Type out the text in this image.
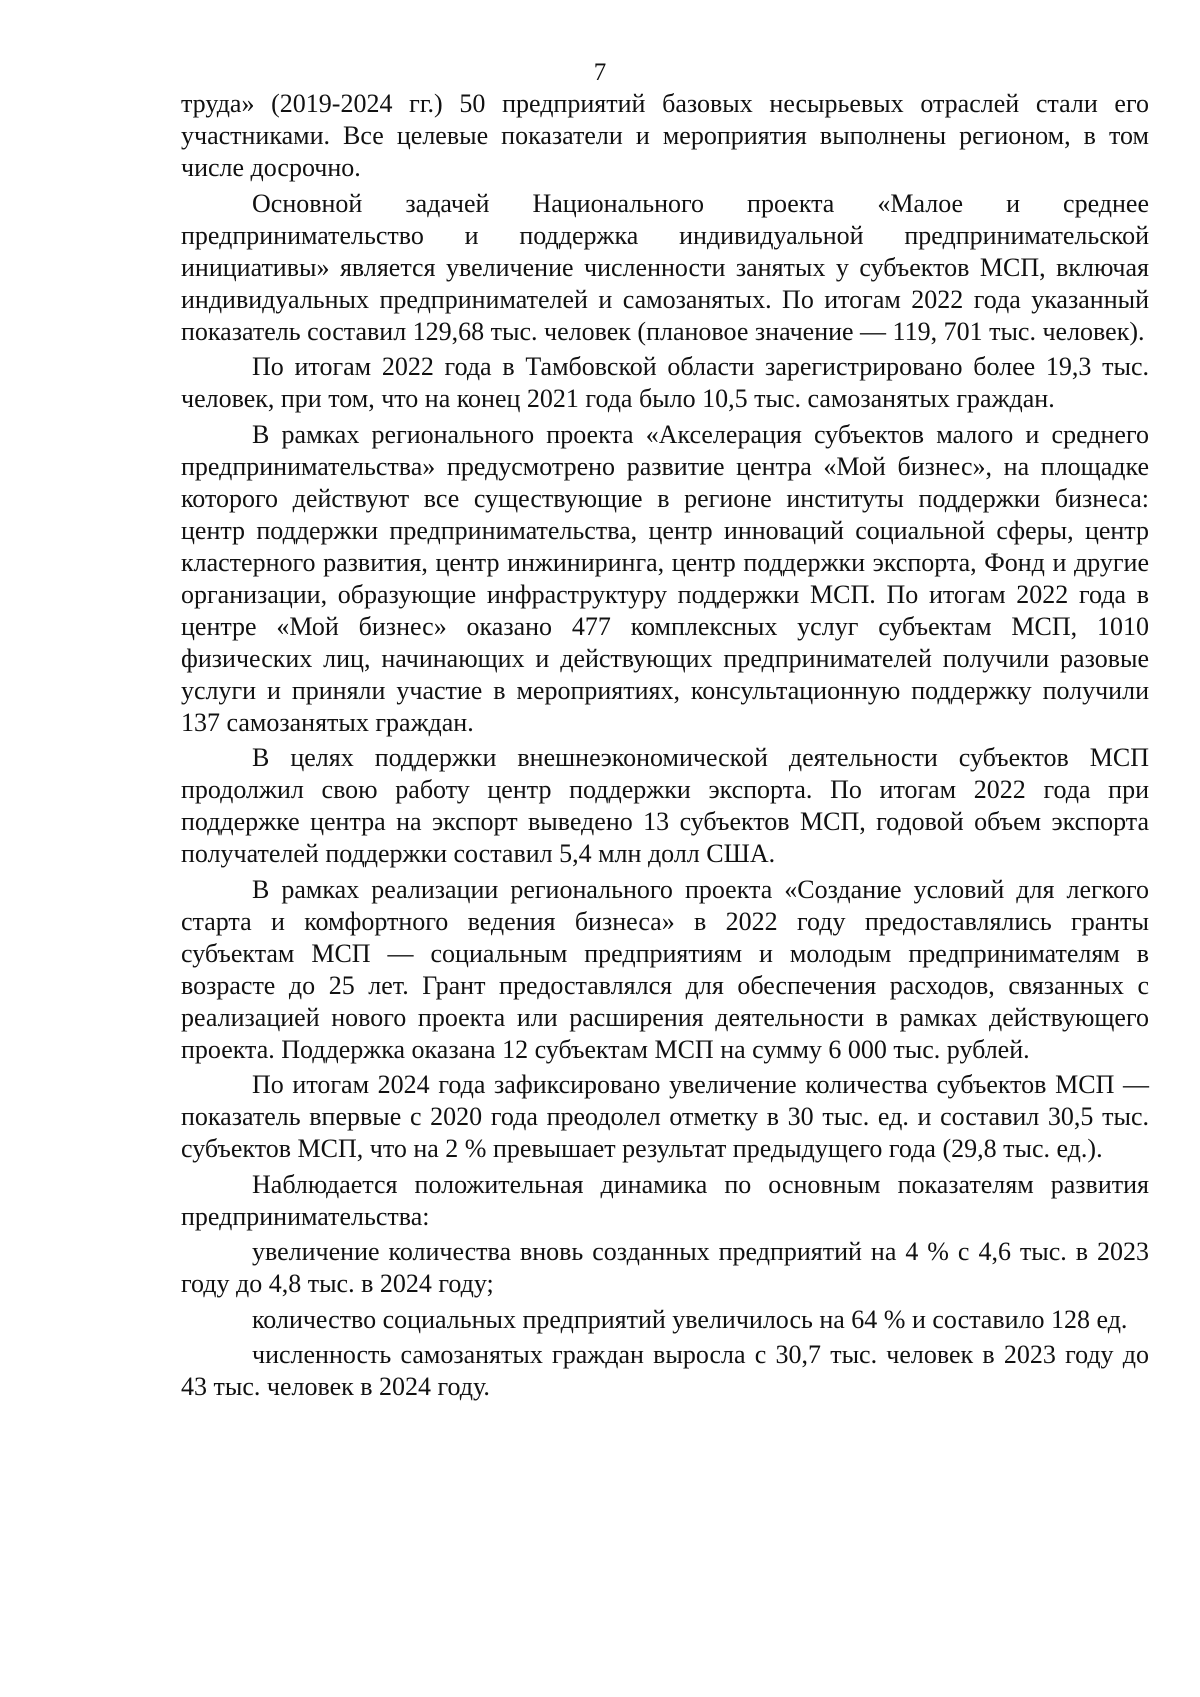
7

труда» (2019-2024 гг.) 50 предприятий базовых несырьевых отраслей стали его участниками. Все целевые показатели и мероприятия выполнены регионом, в том числе досрочно.

Основной задачей Национального проекта «Малое и среднее предпринимательство и поддержка индивидуальной предпринимательской инициативы» является увеличение численности занятых у субъектов МСП, включая индивидуальных предпринимателей и самозанятых. По итогам 2022 года указанный показатель составил 129,68 тыс. человек (плановое значение — 119, 701 тыс. человек).

По итогам 2022 года в Тамбовской области зарегистрировано более 19,3 тыс. человек, при том, что на конец 2021 года было 10,5 тыс. самозанятых граждан.

В рамках регионального проекта «Акселерация субъектов малого и среднего предпринимательства» предусмотрено развитие центра «Мой бизнес», на площадке которого действуют все существующие в регионе институты поддержки бизнеса: центр поддержки предпринимательства, центр инноваций социальной сферы, центр кластерного развития, центр инжиниринга, центр поддержки экспорта, Фонд и другие организации, образующие инфраструктуру поддержки МСП. По итогам 2022 года в центре «Мой бизнес» оказано 477 комплексных услуг субъектам МСП, 1010 физических лиц, начинающих и действующих предпринимателей получили разовые услуги и приняли участие в мероприятиях, консультационную поддержку получили 137 самозанятых граждан.

В целях поддержки внешнеэкономической деятельности субъектов МСП продолжил свою работу центр поддержки экспорта. По итогам 2022 года при поддержке центра на экспорт выведено 13 субъектов МСП, годовой объем экспорта получателей поддержки составил 5,4 млн долл США.

В рамках реализации регионального проекта «Создание условий для легкого старта и комфортного ведения бизнеса» в 2022 году предоставлялись гранты субъектам МСП — социальным предприятиям и молодым предпринимателям в возрасте до 25 лет. Грант предоставлялся для обеспечения расходов, связанных с реализацией нового проекта или расширения деятельности в рамках действующего проекта. Поддержка оказана 12 субъектам МСП на сумму 6 000 тыс. рублей.

По итогам 2024 года зафиксировано увеличение количества субъектов МСП — показатель впервые с 2020 года преодолел отметку в 30 тыс. ед. и составил 30,5 тыс. субъектов МСП, что на 2 % превышает результат предыдущего года (29,8 тыс. ед.).

Наблюдается положительная динамика по основным показателям развития предпринимательства:

увеличение количества вновь созданных предприятий на 4 % с 4,6 тыс. в 2023 году до 4,8 тыс. в 2024 году;

количество социальных предприятий увеличилось на 64 % и составило 128 ед.

численность самозанятых граждан выросла с 30,7 тыс. человек в 2023 году до 43 тыс. человек в 2024 году.
